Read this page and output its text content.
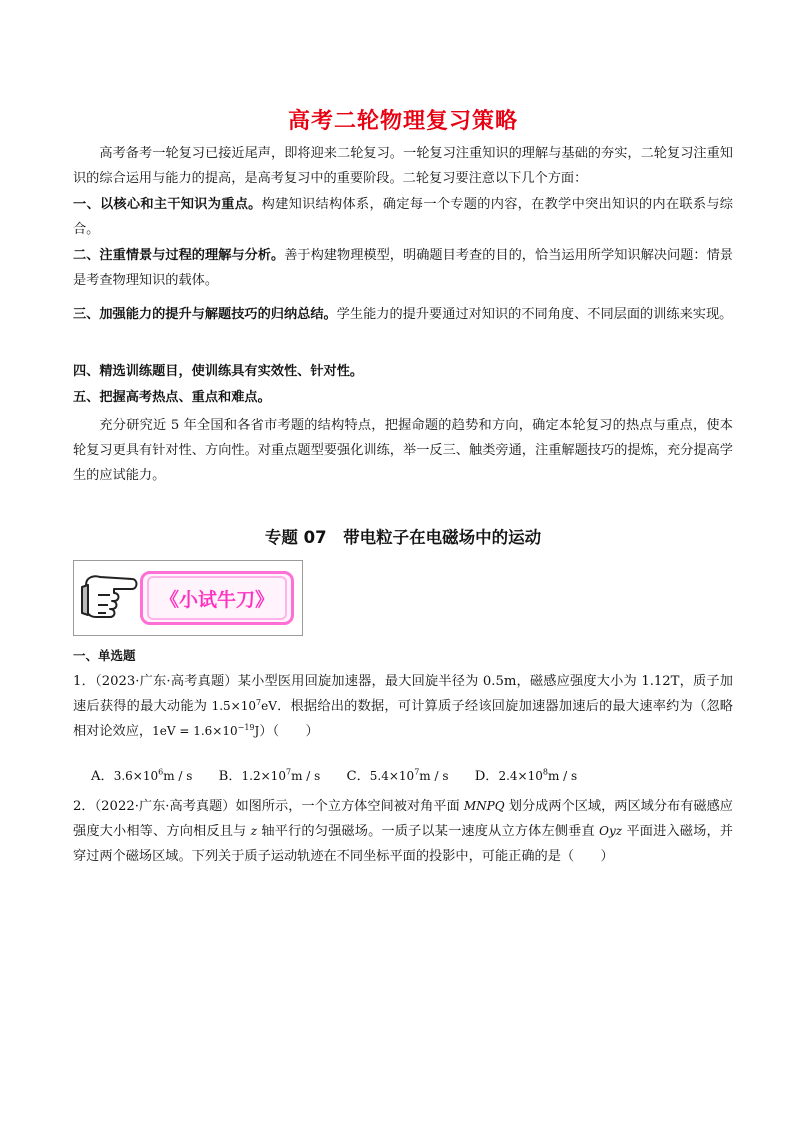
高考二轮物理复习策略

高考备考一轮复习已接近尾声，即将迎来二轮复习。一轮复习注重知识的理解与基础的夯实，二轮复习注重知识的综合运用与能力的提高，是高考复习中的重要阶段。二轮复习要注意以下几个方面：

一、以核心和主干知识为重点。构建知识结构体系，确定每一个专题的内容，在教学中突出知识的内在联系与综合。

二、注重情景与过程的理解与分析。善于构建物理模型，明确题目考查的目的，恰当运用所学知识解决问题：情景是考查物理知识的载体。

三、加强能力的提升与解题技巧的归纳总结。学生能力的提升要通过对知识的不同角度、不同层面的训练来实现。

四、精选训练题目，使训练具有实效性、针对性。

五、把握高考热点、重点和难点。

充分研究近 5 年全国和各省市考题的结构特点，把握命题的趋势和方向，确定本轮复习的热点与重点，使本轮复习更具有针对性、方向性。对重点题型要强化训练，举一反三、触类旁通，注重解题技巧的提炼，充分提高学生的应试能力。

专题 07　带电粒子在电磁场中的运动
《小试牛刀》

一、单选题

1．（2023·广东·高考真题）某小型医用回旋加速器，最大回旋半径为 0.5m，磁感应强度大小为 1.12T，质子加速后获得的最大动能为 $1.5\times 10^7eV$．根据给出的数据，可计算质子经该回旋加速器加速后的最大速率约为（忽略相对论效应，$1eV = 1.6\times 10^{-19}J$）（　　）

A．$3.6\times 10^6m / s$ B．$1.2\times 10^7m / s$ C．$5.4\times 10^7m / s$ D．$2.4\times 10^8m / s$

2．（2022·广东·高考真题）如图所示，一个立方体空间被对角平面 MNPQ 划分成两个区域，两区域分布有磁感应强度大小相等、方向相反且与 z 轴平行的匀强磁场。一质子以某一速度从立方体左侧垂直 Oyz 平面进入磁场，并穿过两个磁场区域。下列关于质子运动轨迹在不同坐标平面的投影中，可能正确的是（　　）
